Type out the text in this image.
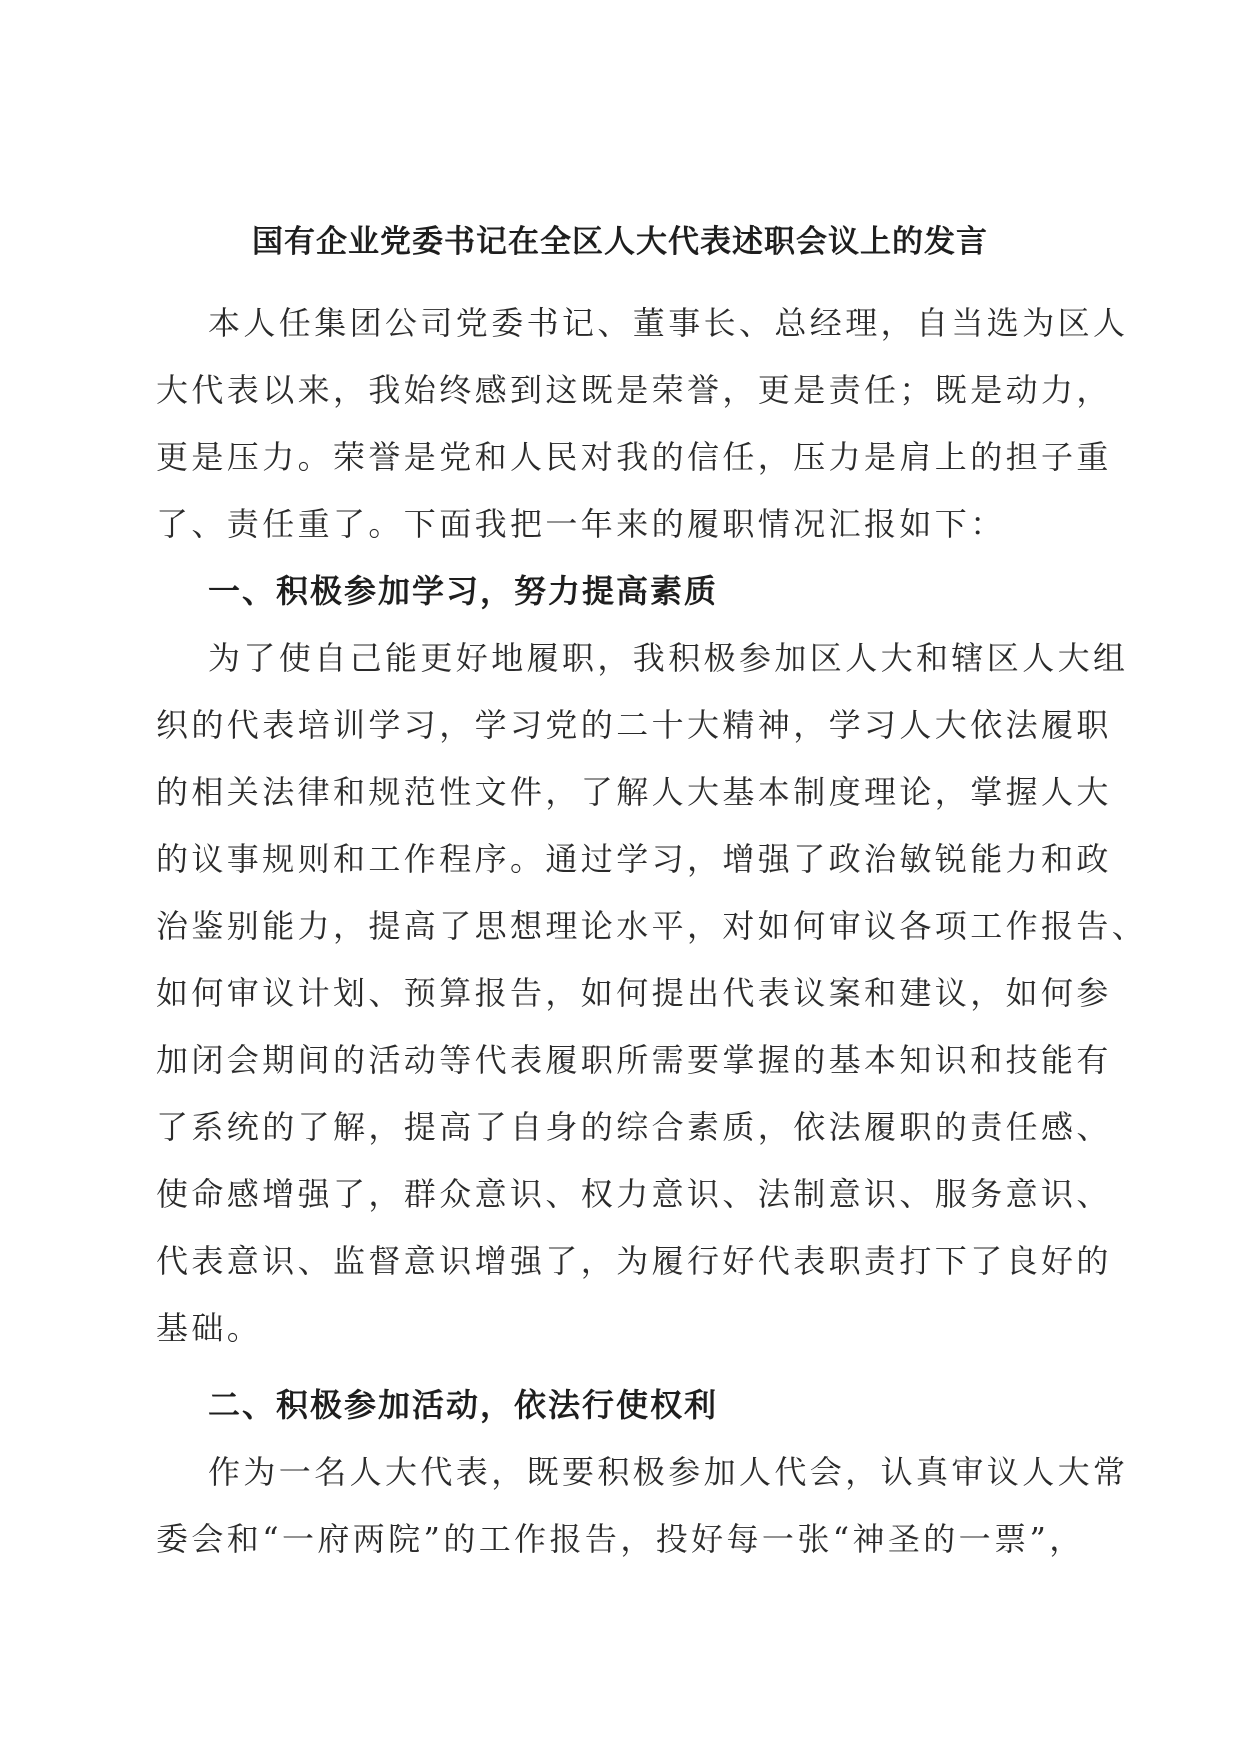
国有企业党委书记在全区人大代表述职会议上的发言
本人任集团公司党委书记、董事长、总经理，自当选为区人
大代表以来，我始终感到这既是荣誉，更是责任；既是动力，
更是压力。荣誉是党和人民对我的信任，压力是肩上的担子重
了、责任重了。下面我把一年来的履职情况汇报如下：
一、积极参加学习，努力提高素质
为了使自己能更好地履职，我积极参加区人大和辖区人大组
织的代表培训学习，学习党的二十大精神，学习人大依法履职
的相关法律和规范性文件，了解人大基本制度理论，掌握人大
的议事规则和工作程序。通过学习，增强了政治敏锐能力和政
治鉴别能力，提高了思想理论水平，对如何审议各项工作报告、
如何审议计划、预算报告，如何提出代表议案和建议，如何参
加闭会期间的活动等代表履职所需要掌握的基本知识和技能有
了系统的了解，提高了自身的综合素质，依法履职的责任感、
使命感增强了，群众意识、权力意识、法制意识、服务意识、
代表意识、监督意识增强了，为履行好代表职责打下了良好的
基础。
二、积极参加活动，依法行使权利
作为一名人大代表，既要积极参加人代会，认真审议人大常
委会和“一府两院”的工作报告，投好每一张“神圣的一票”，
